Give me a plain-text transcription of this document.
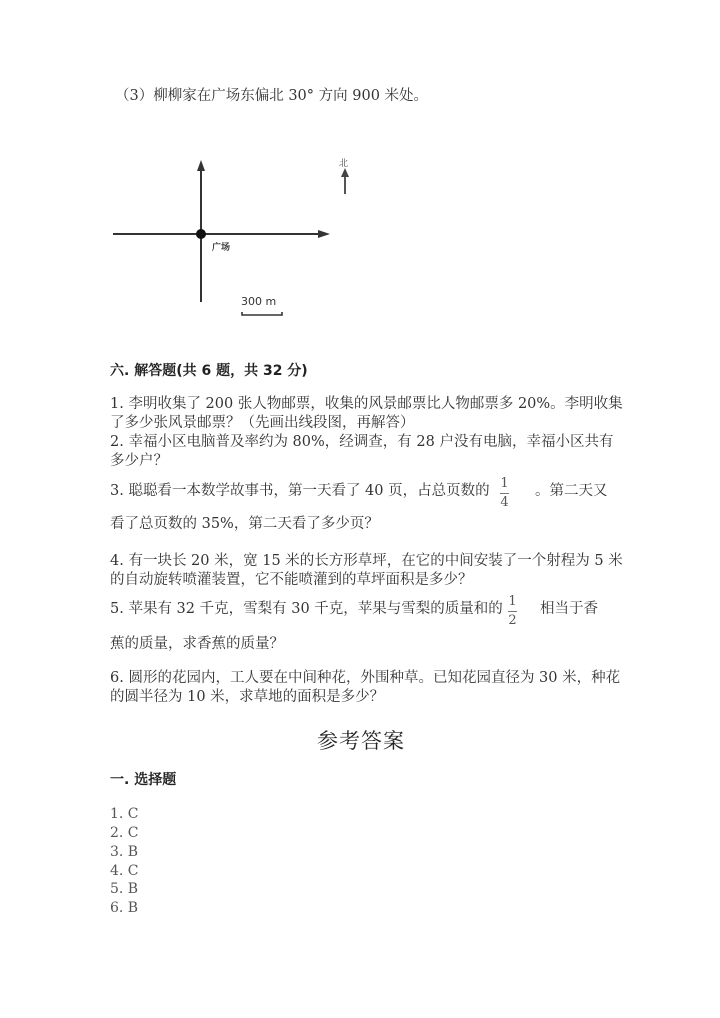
（3）柳柳家在广场东偏北 30° 方向 900 米处。
广场
北
300 m
六. 解答题(共 6 题，共 32 分)
1. 李明收集了 200 张人物邮票，收集的风景邮票比人物邮票多 20%。李明收集
了多少张风景邮票？（先画出线段图，再解答）
2. 幸福小区电脑普及率约为 80%，经调查，有 28 户没有电脑，幸福小区共有
多少户？
3. 聪聪看一本数学故事书，第一天看了 40 页，占总页数的 1
4
。第二天又
看了总页数的 35%，第二天看了多少页？
4. 有一块长 20 米，宽 15 米的长方形草坪，在它的中间安装了一个射程为 5 米
的自动旋转喷灌装置，它不能喷灌到的草坪面积是多少？
5. 苹果有 32 千克，雪梨有 30 千克，苹果与雪梨的质量和的 1
2
相当于香
蕉的质量，求香蕉的质量？
6. 圆形的花园内，工人要在中间种花，外围种草。已知花园直径为 30 米，种花
的圆半径为 10 米，求草地的面积是多少？
参考答案
一. 选择题
1. C
2. C
3. B
4. C
5. B
6. B
